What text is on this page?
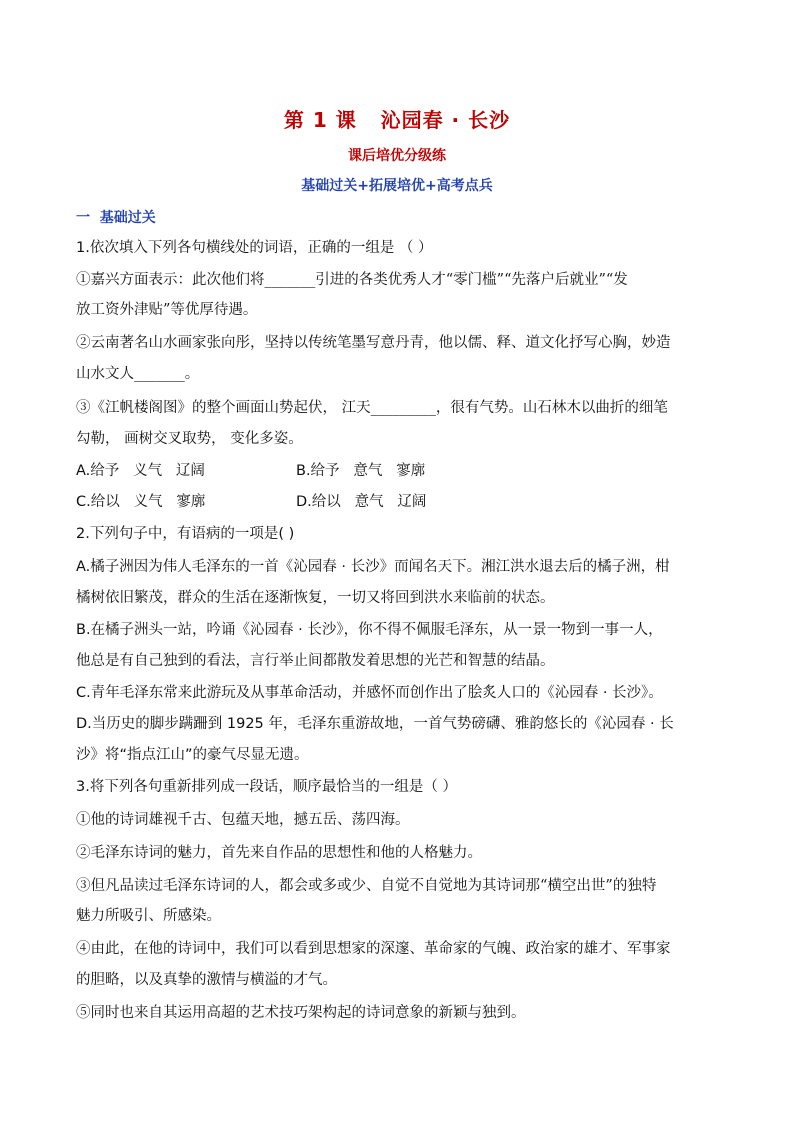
第 1 课   沁园春 · 长沙
课后培优分级练
基础过关+拓展培优+高考点兵
一  基础过关
1.依次填入下列各句横线处的词语，正确的一组是 （ ）
①嘉兴方面表示：此次他们将_______引进的各类优秀人才“零门槛”“先落户后就业”“发
放工资外津贴”等优厚待遇。
②云南著名山水画家张向彤，坚持以传统笔墨写意丹青，他以儒、释、道文化抒写心胸，妙造
山水文人_______。
③《江帆楼阁图》的整个画面山势起伏， 江天_________，很有气势。山石林木以曲折的细笔
勾勒， 画树交叉取势， 变化多姿。
A.给予   义气   辽阔	B.给予   意气   寥廓
C.给以   义气   寥廓	D.给以   意气   辽阔
2.下列句子中，有语病的一项是( )
A.橘子洲因为伟人毛泽东的一首《沁园春 · 长沙》而闻名天下。湘江洪水退去后的橘子洲，柑
橘树依旧繁茂，群众的生活在逐渐恢复，一切又将回到洪水来临前的状态。
B.在橘子洲头一站，吟诵《沁园春 · 长沙》，你不得不佩服毛泽东，从一景一物到一事一人，
他总是有自己独到的看法，言行举止间都散发着思想的光芒和智慧的结晶。
C.青年毛泽东常来此游玩及从事革命活动，并感怀而创作出了脍炙人口的《沁园春 · 长沙》。
D.当历史的脚步蹒跚到 1925 年，毛泽东重游故地，一首气势磅礴、雅韵悠长的《沁园春 · 长
沙》将“指点江山”的豪气尽显无遗。
3.将下列各句重新排列成一段话，顺序最恰当的一组是（ ）
①他的诗词雄视千古、包蕴天地，撼五岳、荡四海。
②毛泽东诗词的魅力，首先来自作品的思想性和他的人格魅力。
③但凡品读过毛泽东诗词的人，都会或多或少、自觉不自觉地为其诗词那“横空出世”的独特
魅力所吸引、所感染。
④由此，在他的诗词中，我们可以看到思想家的深邃、革命家的气魄、政治家的雄才、军事家
的胆略，以及真挚的激情与横溢的才气。
⑤同时也来自其运用高超的艺术技巧架构起的诗词意象的新颖与独到。
